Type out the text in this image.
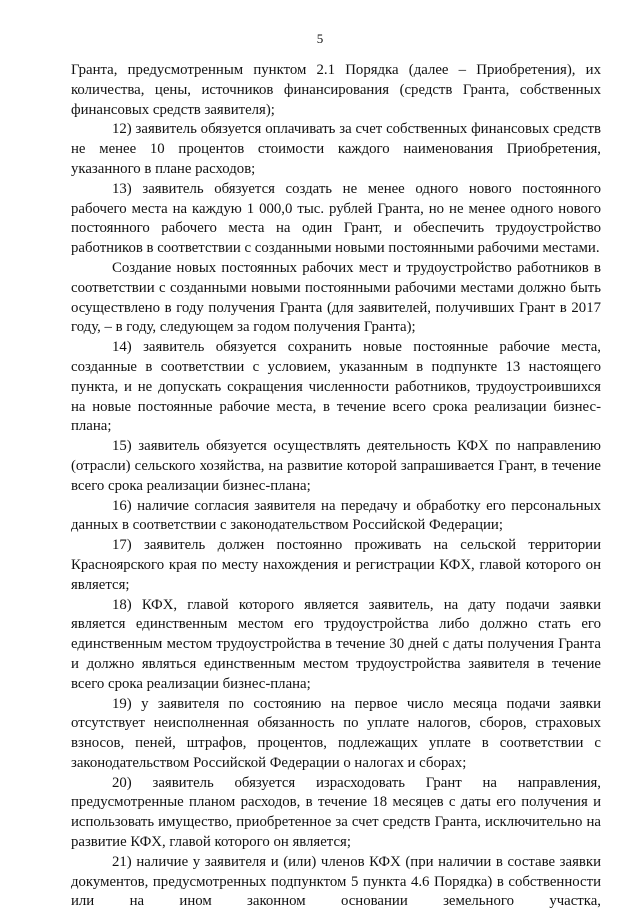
5

Гранта, предусмотренным пунктом 2.1 Порядка (далее – Приобретения), их количества, цены, источников финансирования (средств Гранта, собственных финансовых средств заявителя);

12) заявитель обязуется оплачивать за счет собственных финансовых средств не менее 10 процентов стоимости каждого наименования Приобретения, указанного в плане расходов;

13) заявитель обязуется создать не менее одного нового постоянного рабочего места на каждую 1 000,0 тыс. рублей Гранта, но не менее одного нового постоянного рабочего места на один Грант, и обеспечить трудоустройство работников в соответствии с созданными новыми постоянными рабочими местами.

Создание новых постоянных рабочих мест и трудоустройство работников в соответствии с созданными новыми постоянными рабочими местами должно быть осуществлено в году получения Гранта (для заявителей, получивших Грант в 2017 году, – в году, следующем за годом получения Гранта);

14) заявитель обязуется сохранить новые постоянные рабочие места, созданные в соответствии с условием, указанным в подпункте 13 настоящего пункта, и не допускать сокращения численности работников, трудоустроившихся на новые постоянные рабочие места, в течение всего срока реализации бизнес-плана;

15) заявитель обязуется осуществлять деятельность КФХ по направлению (отрасли) сельского хозяйства, на развитие которой запрашивается Грант, в течение всего срока реализации бизнес-плана;

16) наличие согласия заявителя на передачу и обработку его персональных данных в соответствии с законодательством Российской Федерации;

17) заявитель должен постоянно проживать на сельской территории Красноярского края по месту нахождения и регистрации КФХ, главой которого он является;

18) КФХ, главой которого является заявитель, на дату подачи заявки является единственным местом его трудоустройства либо должно стать его единственным местом трудоустройства в течение 30 дней с даты получения Гранта и должно являться единственным местом трудоустройства заявителя в течение всего срока реализации бизнес-плана;

19) у заявителя по состоянию на первое число месяца подачи заявки отсутствует неисполненная обязанность по уплате налогов, сборов, страховых взносов, пеней, штрафов, процентов, подлежащих уплате в соответствии с законодательством Российской Федерации о налогах и сборах;

20) заявитель обязуется израсходовать Грант на направления, предусмотренные планом расходов, в течение 18 месяцев с даты его получения и использовать имущество, приобретенное за счет средств Гранта, исключительно на развитие КФХ, главой которого он является;

21) наличие у заявителя и (или) членов КФХ (при наличии в составе заявки документов, предусмотренных подпунктом 5 пункта 4.6 Порядка) в собственности или на ином законном основании земельного участка,
